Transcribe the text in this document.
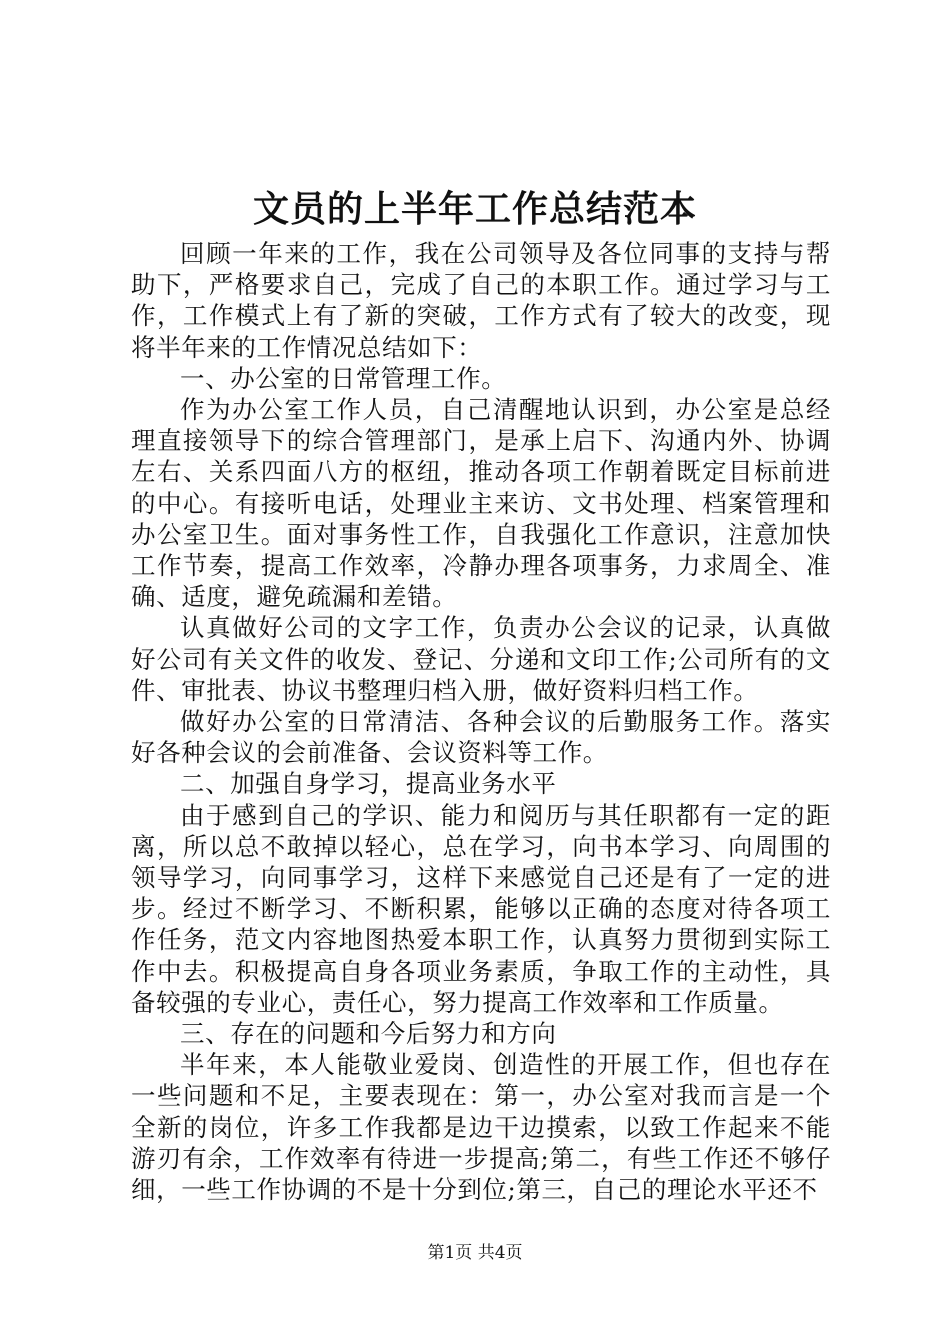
文员的上半年工作总结范本

回顾一年来的工作，我在公司领导及各位同事的支持与帮助下，严格要求自己，完成了自己的本职工作。通过学习与工作，工作模式上有了新的突破，工作方式有了较大的改变，现将半年来的工作情况总结如下：

一、办公室的日常管理工作。

作为办公室工作人员，自己清醒地认识到，办公室是总经理直接领导下的综合管理部门，是承上启下、沟通内外、协调左右、关系四面八方的枢纽，推动各项工作朝着既定目标前进的中心。有接听电话，处理业主来访、文书处理、档案管理和办公室卫生。面对事务性工作，自我强化工作意识，注意加快工作节奏，提高工作效率，冷静办理各项事务，力求周全、准确、适度，避免疏漏和差错。

认真做好公司的文字工作，负责办公会议的记录，认真做好公司有关文件的收发、登记、分递和文印工作;公司所有的文件、审批表、协议书整理归档入册，做好资料归档工作。

做好办公室的日常清洁、各种会议的后勤服务工作。落实好各种会议的会前准备、会议资料等工作。

二、加强自身学习，提高业务水平

由于感到自己的学识、能力和阅历与其任职都有一定的距离，所以总不敢掉以轻心，总在学习，向书本学习、向周围的领导学习，向同事学习，这样下来感觉自己还是有了一定的进步。经过不断学习、不断积累，能够以正确的态度对待各项工作任务，范文内容地图热爱本职工作，认真努力贯彻到实际工作中去。积极提高自身各项业务素质，争取工作的主动性，具备较强的专业心，责任心，努力提高工作效率和工作质量。

三、存在的问题和今后努力和方向

半年来，本人能敬业爱岗、创造性的开展工作，但也存在一些问题和不足，主要表现在：第一，办公室对我而言是一个全新的岗位，许多工作我都是边干边摸索，以致工作起来不能游刃有余，工作效率有待进一步提高;第二，有些工作还不够仔细，一些工作协调的不是十分到位;第三，自己的理论水平还不

第1页 共4页
